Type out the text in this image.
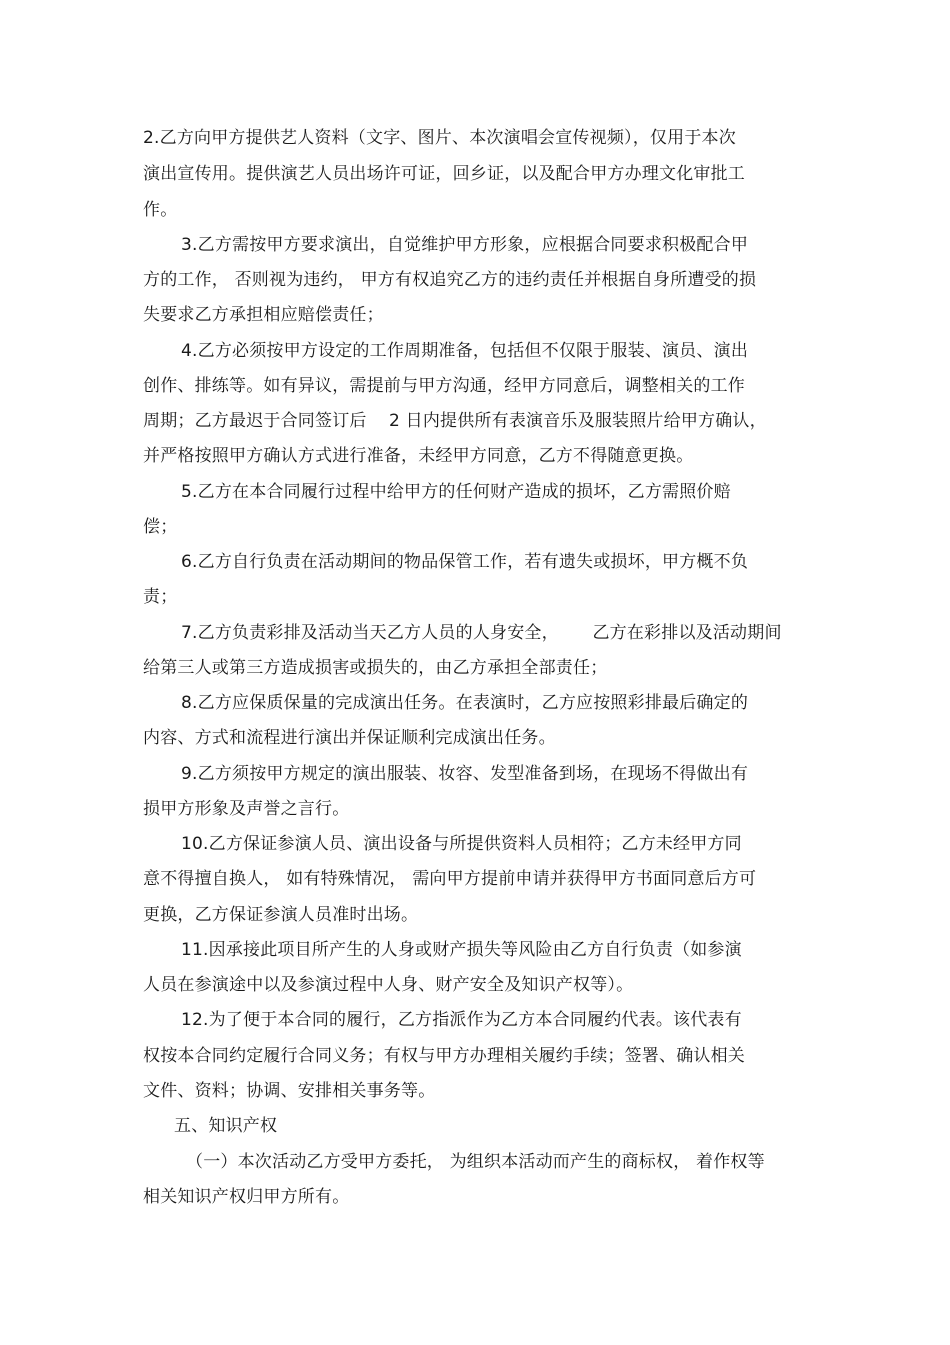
2.乙方向甲方提供艺人资料（文字、图片、本次演唱会宣传视频），仅用于本次
演出宣传用。提供演艺人员出场许可证，回乡证，以及配合甲方办理文化审批工
作。
3.乙方需按甲方要求演出，自觉维护甲方形象，应根据合同要求积极配合甲
方的工作， 否则视为违约， 甲方有权追究乙方的违约责任并根据自身所遭受的损
失要求乙方承担相应赔偿责任；
4.乙方必须按甲方设定的工作周期准备，包括但不仅限于服装、演员、演出
创作、排练等。如有异议，需提前与甲方沟通，经甲方同意后，调整相关的工作
周期；乙方最迟于合同签订后    2 日内提供所有表演音乐及服装照片给甲方确认，
并严格按照甲方确认方式进行准备，未经甲方同意，乙方不得随意更换。
5.乙方在本合同履行过程中给甲方的任何财产造成的损坏，乙方需照价赔
偿；
6.乙方自行负责在活动期间的物品保管工作，若有遗失或损坏，甲方概不负
责；
7.乙方负责彩排及活动当天乙方人员的人身安全，      乙方在彩排以及活动期间
给第三人或第三方造成损害或损失的，由乙方承担全部责任；
8.乙方应保质保量的完成演出任务。在表演时，乙方应按照彩排最后确定的
内容、方式和流程进行演出并保证顺利完成演出任务。
9.乙方须按甲方规定的演出服装、妆容、发型准备到场，在现场不得做出有
损甲方形象及声誉之言行。
10.乙方保证参演人员、演出设备与所提供资料人员相符；乙方未经甲方同
意不得擅自换人， 如有特殊情况， 需向甲方提前申请并获得甲方书面同意后方可
更换，乙方保证参演人员准时出场。
11.因承接此项目所产生的人身或财产损失等风险由乙方自行负责（如参演
人员在参演途中以及参演过程中人身、财产安全及知识产权等）。
12.为了便于本合同的履行，乙方指派作为乙方本合同履约代表。该代表有
权按本合同约定履行合同义务；有权与甲方办理相关履约手续；签署、确认相关
文件、资料；协调、安排相关事务等。
五、知识产权
（一）本次活动乙方受甲方委托， 为组织本活动而产生的商标权， 着作权等
相关知识产权归甲方所有。
